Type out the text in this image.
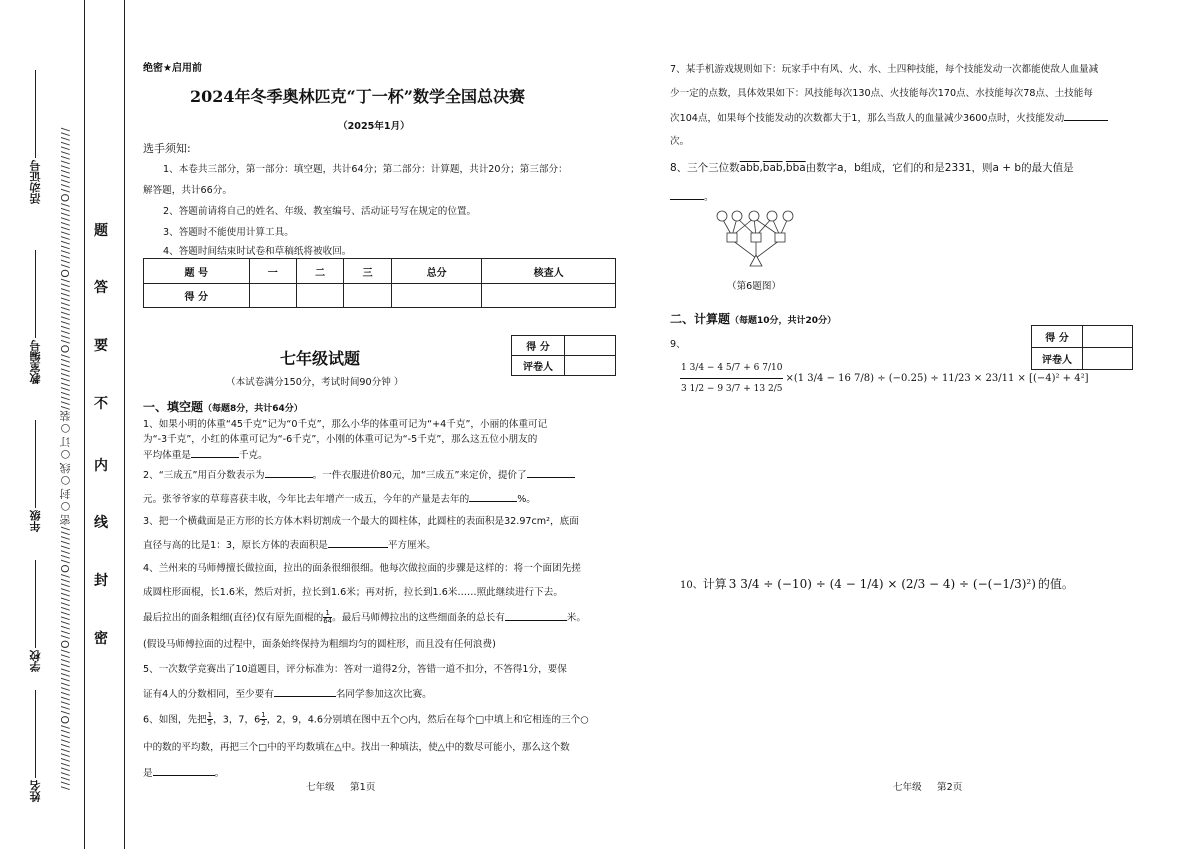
//////////////O//////////////O//////////////O////////密○封○线○订○装////////////O//////////////O//////////////O//////////////
活动证号
教室编号
年级
学校
姓名
题
答
要
不
内
线
封
密
绝密★启用前
2024年冬季奥林匹克“丁一杯”数学全国总决赛
（2025年1月）
选手须知:
1、本卷共三部分，第一部分：填空题，共计64分；第二部分：计算题，共计20分；第三部分：
解答题，共计66分。
2、答题前请将自己的姓名、年级、教室编号、活动证号写在规定的位置。
3、答题时不能使用计算工具。
4、答题时间结束时试卷和草稿纸将被收回。
题 号	一	二	三	总分	核查人
得 分					
七年级试题
得 分	
评卷人	
（本试卷满分150分，考试时间90分钟 ）
一、填空题（每题8分，共计64分）
1、如果小明的体重“45千克”记为“0千克”，那么小华的体重可记为“+4千克”，小丽的体重可记
为“-3千克”，小红的体重可记为“-6千克”，小刚的体重可记为“-5千克”，那么这五位小朋友的
平均体重是	千克。
2、“三成五”用百分数表示为	。一件衣服进价80元，加“三成五”来定价，提价了
元。张爷爷家的草莓喜获丰收，今年比去年增产一成五，今年的产量是去年的	%。
3、把一个横截面是正方形的长方体木料切割成一个最大的圆柱体，此圆柱的表面积是32.97cm²，底面
直径与高的比是1：3，原长方体的表面积是	平方厘米。
4、兰州来的马师傅擅长做拉面，拉出的面条很细很细。他每次做拉面的步骤是这样的：将一个面团先搓
成圆柱形面棍，长1.6米，然后对折，拉长到1.6米；再对折，拉长到1.6米……照此继续进行下去。
最后拉出的面条粗细(直径)仅有原先面棍的 $\frac{1}{64}$ 。最后马师傅拉出的这些细面条的总长有	米。
(假设马师傅拉面的过程中，面条始终保持为粗细均匀的圆柱形，而且没有任何浪费)
5、一次数学竞赛出了10道题目，评分标准为：答对一道得2分，答错一道不扣分，不答得1分，要保
证有4人的分数相同，至少要有	名同学参加这次比赛。
6、如图，先把 $\frac{1}{5}$ ，3，7，$6 \frac{1}{2}$ ，2，9，4.6分别填在图中五个○内，然后在每个□中填上和它相连的三个○
中的数的平均数，再把三个□中的平均数填在△中。找出一种填法，使△中的数尽可能小，那么这个数
是	。
七年级 第1页
7、某手机游戏规则如下：玩家手中有风、火、水、土四种技能，每个技能发动一次都能使敌人血量减
少一定的点数，具体效果如下：风技能每次130点、火技能每次170点、水技能每次78点、土技能每
次104点，如果每个技能发动的次数都大于1，那么当敌人的血量减少3600点时，火技能发动
次。
8、三个三位数$\overline{abb},\overline{bab},\overline{bba}$由数字a，b组成，它们的和是2331，则a + b的最大值是
。
（第6题图）
二、计算题（每题10分，共计20分）
得 分	
评卷人	
9、
$\frac{1 3/4 - 4 5/7 + 6 7/10}{3 1/2 - 9 3/7 + 13 2/5} \times(1$ 3/4 − 16 7/8) ÷ (−0.25) ÷ 11/23 × 23/11 × [(−4)² + 4²]
10、计算 3 3/4 ÷ (−10) ÷ (4 − 1/4) × (2/3 − 4) ÷ (−(−1/3)²) 的值。
七年级 第2页
